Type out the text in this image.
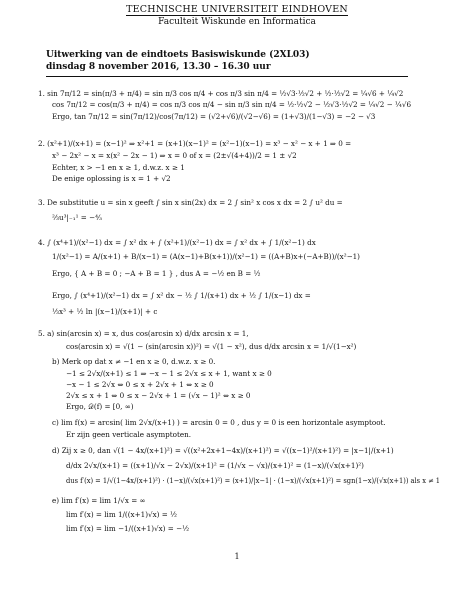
TECHNISCHE UNIVERSITEIT EINDHOVEN
Faculteit Wiskunde en Informatica
Uitwerking van de eindtoets Basiswiskunde (2XL03)
dinsdag 8 november 2016, 13.30 – 16.30 uur
1. sin 7π/12 = sin(π/3 + π/4) = sin π/3 cos π/4 + cos π/3 sin π/4 = ½√3·½√2 + ½·½√2 = ¼√6 + ¼√2
cos 7π/12 = cos(π/3 + π/4) = cos π/3 cos π/4 − sin π/3 sin π/4 = ½·½√2 − ½√3·½√2 = ¼√2 − ¼√6
Ergo, tan 7π/12 = sin(7π/12)/cos(7π/12) = (√2+√6)/(√2−√6) = (1+√3)/(1−√3) = −2 − √3
2. (x²+1)/(x+1) = (x−1)² ⇒ x²+1 = (x+1)(x−1)² = (x²−1)(x−1) = x³ − x² − x + 1 ⇒ 0 =
x³ − 2x² − x = x(x² − 2x − 1) ⇒ x = 0 of x = (2±√(4+4))/2 = 1 ± √2
Echter, x > −1 en x ≥ 1, d.w.z. x ≥ 1
De enige oplossing is x = 1 + √2
3. De substitutie u = sin x geeft ∫ sin x sin(2x) dx = 2 ∫ sin² x cos x dx = 2 ∫ u² du =
⅔u³|₋₁¹ = −⁴⁄₃
4. ∫ (x⁴+1)/(x²−1) dx = ∫ x² dx + ∫ (x²+1)/(x²−1) dx = ∫ x² dx + ∫ 1/(x²−1) dx
1/(x²−1) = A/(x+1) + B/(x−1) = (A(x−1)+B(x+1))/(x²−1) = ((A+B)x+(−A+B))/(x²−1)
Ergo, { A + B = 0 ; −A + B = 1 } , dus A = −½ en B = ½
Ergo, ∫ (x⁴+1)/(x²−1) dx = ∫ x² dx − ½ ∫ 1/(x+1) dx + ½ ∫ 1/(x−1) dx =
⅓x³ + ½ ln |(x−1)/(x+1)| + c
5. a) sin(arcsin x) = x, dus cos(arcsin x) d/dx arcsin x = 1,
cos(arcsin x) = √(1 − (sin(arcsin x))²) = √(1 − x²), dus d/dx arcsin x = 1/√(1−x²)
b) Merk op dat x ≠ −1 en x ≥ 0, d.w.z. x ≥ 0.
−1 ≤ 2√x/(x+1) ≤ 1 ⇒ −x − 1 ≤ 2√x ≤ x + 1, want x ≥ 0
−x − 1 ≤ 2√x ⇔ 0 ≤ x + 2√x + 1 ⇔ x ≥ 0
2√x ≤ x + 1 ⇔ 0 ≤ x − 2√x + 1 = (√x − 1)² ⇔ x ≥ 0
Ergo, 𝒟(f) = [0, ∞)
c) lim f(x) = arcsin( lim 2√x/(x+1) ) = arcsin 0 = 0 , dus y = 0 is een horizontale asymptoot.
Er zijn geen verticale asymptoten.
d) Zij x ≥ 0, dan √(1 − 4x/(x+1)²) = √((x²+2x+1−4x)/(x+1)²) = √((x−1)²/(x+1)²) = |x−1|/(x+1)
d/dx 2√x/(x+1) = ((x+1)/√x − 2√x)/(x+1)² = (1/√x − √x)/(x+1)² = (1−x)/(√x(x+1)²)
dus f′(x) = 1/√(1−4x/(x+1)²) · (1−x)/(√x(x+1)²) = (x+1)/|x−1| · (1−x)/(√x(x+1)²) = sgn(1−x)/(√x(x+1)) als x ≠ 1
e) lim f′(x) = lim 1/√x = ∞
lim f′(x) = lim 1/((x+1)√x) = ½
lim f′(x) = lim −1/((x+1)√x) = −½
1
